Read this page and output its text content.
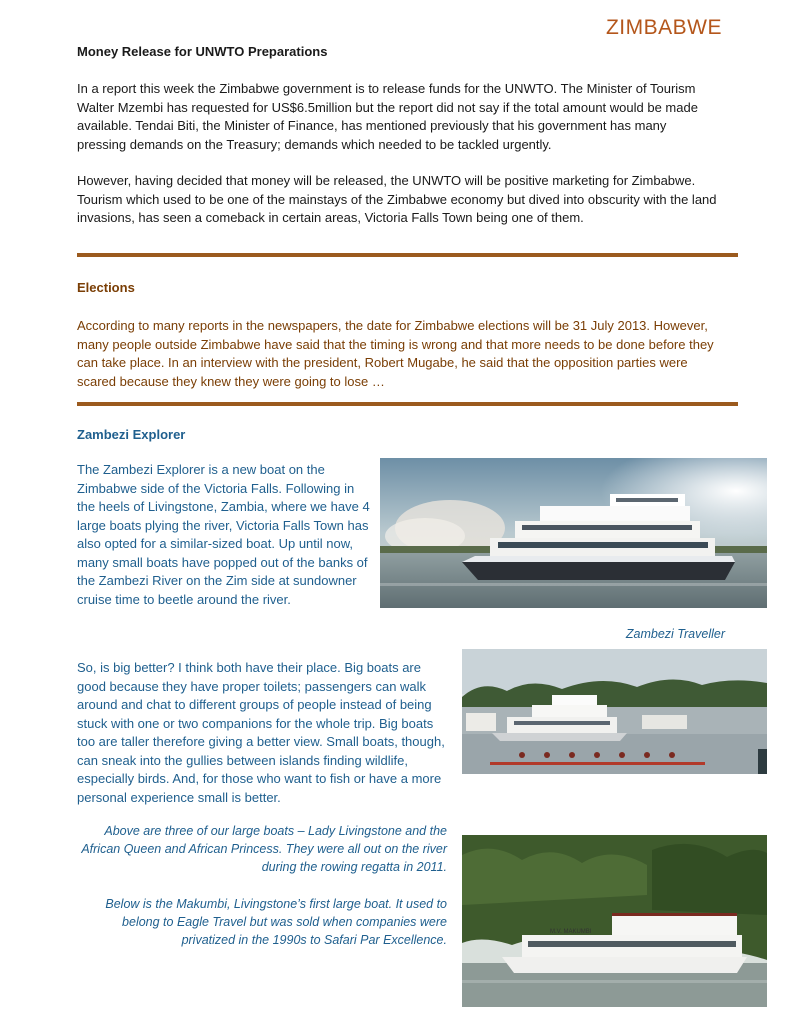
ZIMBABWE

Money Release for UNWTO Preparations

In a report this week the Zimbabwe government is to release funds for the UNWTO. The Minister of Tourism Walter Mzembi has requested for US$6.5million but the report did not say if the total amount would be made available. Tendai Biti, the Minister of Finance, has mentioned previously that his government has many pressing demands on the Treasury; demands which needed to be tackled urgently.

However, having decided that money will be released, the UNWTO will be positive marketing for Zimbabwe. Tourism which used to be one of the mainstays of the Zimbabwe economy but dived into obscurity with the land invasions, has seen a comeback in certain areas, Victoria Falls Town being one of them.

Elections

According to many reports in the newspapers, the date for Zimbabwe elections will be 31 July 2013. However, many people outside Zimbabwe have said that the timing is wrong and that more needs to be done before they can take place. In an interview with the president, Robert Mugabe, he said that the opposition parties were scared because they knew they were going to lose …

Zambezi Explorer

The Zambezi Explorer is a new boat on the Zimbabwe side of the Victoria Falls. Following in the heels of Livingstone, Zambia, where we have 4 large boats plying the river, Victoria Falls Town has also opted for a similar-sized boat. Up until now, many small boats have popped out of the banks of the Zambezi River on the Zim side at sundowner cruise time to beetle around the river.

Zambezi Traveller

So, is big better? I think both have their place. Big boats are good because they have proper toilets; passengers can walk around and chat to different groups of people instead of being stuck with one or two companions for the whole trip. Big boats too are taller therefore giving a better view. Small boats, though, can sneak into the gullies between islands finding wildlife, especially birds. And, for those who want to fish or have a more personal experience small is better.

Above are three of our large boats – Lady Livingstone and the African Queen and African Princess. They were all out on the river during the rowing regatta in 2011.

Below is the Makumbi, Livingstone’s first large boat. It used to belong to Eagle Travel but was sold when companies were privatized in the 1990s to Safari Par Excellence.

M.V. MAKUMBI
